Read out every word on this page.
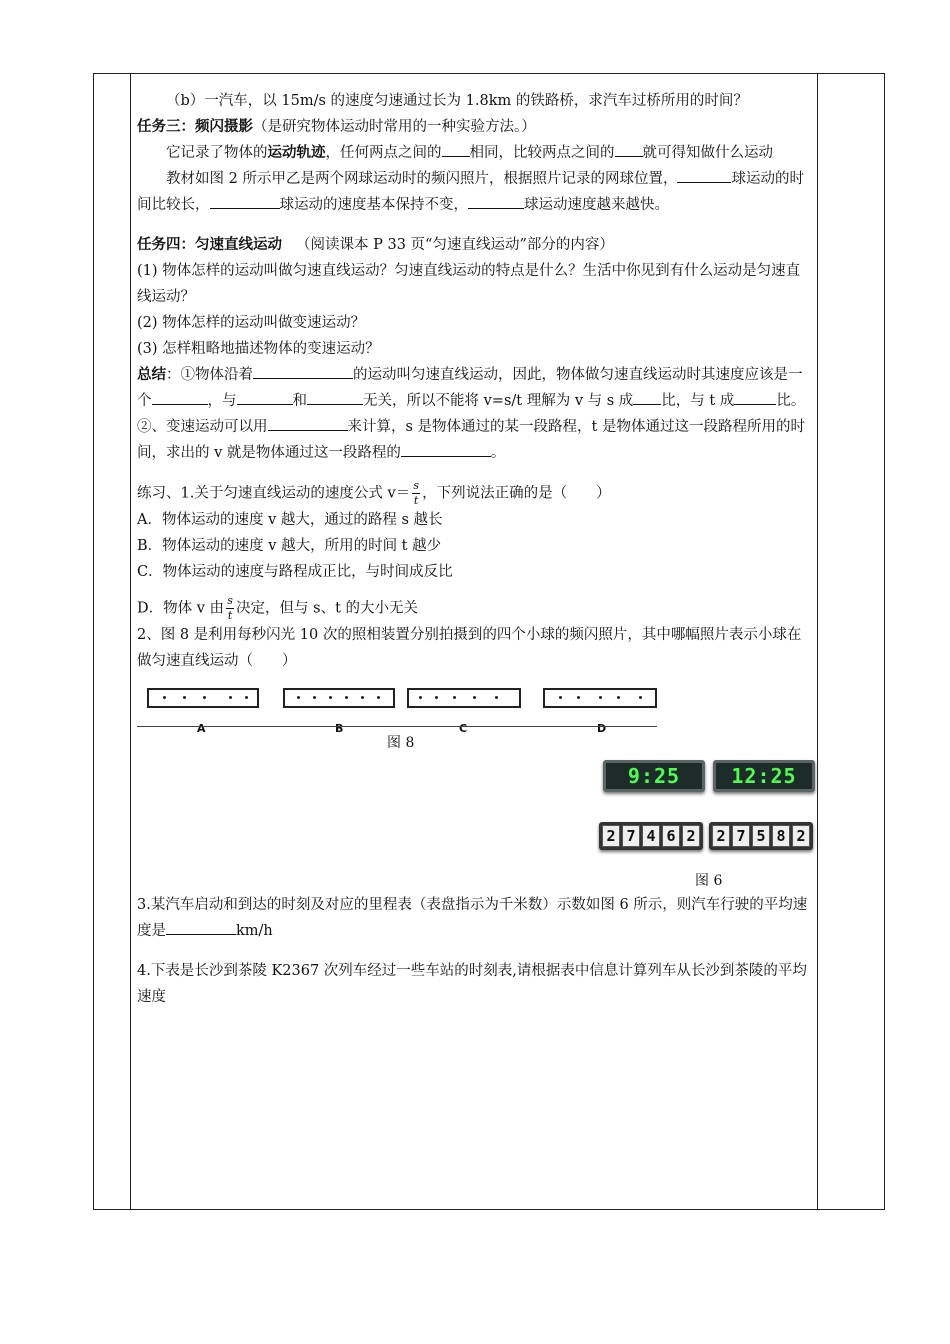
（b）一汽车，以 15m/s 的速度匀速通过长为 1.8km 的铁路桥，求汽车过桥所用的时间？

任务三：频闪摄影（是研究物体运动时常用的一种实验方法。）

它记录了物体的运动轨迹，任何两点之间的 相同，比较两点之间的 就可得知做什么运动

教材如图 2 所示甲乙是两个网球运动时的频闪照片，根据照片记录的网球位置，	球运动的时间比较长，	球运动的速度基本保持不变，	球运动速度越来越快。

任务四：匀速直线运动 （阅读课本 P 33 页“匀速直线运动”部分的内容）

(1) 物体怎样的运动叫做匀速直线运动？匀速直线运动的特点是什么？生活中你见到有什么运动是匀速直线运动？

(2) 物体怎样的运动叫做变速运动？

(3) 怎样粗略地描述物体的变速运动？

总结：①物体沿着	的运动叫匀速直线运动，因此，物体做匀速直线运动时其速度应该是一个	，与	和	无关，所以不能将 v=s/t 理解为 v 与 s 成 比，与 t 成	比。

②、变速运动可以用	来计算，s 是物体通过的某一段路程，t 是物体通过这一段路程所用的时间，求出的 v 就是物体通过这一段路程的	。

练习、1.关于匀速直线运动的速度公式 $v= \frac{s}{t}$ ，下列说法正确的是（　　）

A．物体运动的速度 v 越大，通过的路程 s 越长

B．物体运动的速度 v 越大，所用的时间 t 越少

C．物体运动的速度与路程成正比，与时间成反比

D．物体 v 由 $\frac{s}{t}$ 决定，但与 s、t 的大小无关

2、图 8 是利用每秒闪光 10 次的照相装置分别拍摄到的四个小球的频闪照片，其中哪幅照片表示小球在做匀速直线运动（　　）

A	B	C	D
图 8
9:25	12:25
2 7 4 6 2 2 7 5 8 2
图 6

3.某汽车启动和到达的时刻及对应的里程表（表盘指示为千米数）示数如图 6 所示，则汽车行驶的平均速度是	km/h

4.下表是长沙到茶陵 K2367 次列车经过一些车站的时刻表,请根据表中信息计算列车从长沙到茶陵的平均速度
